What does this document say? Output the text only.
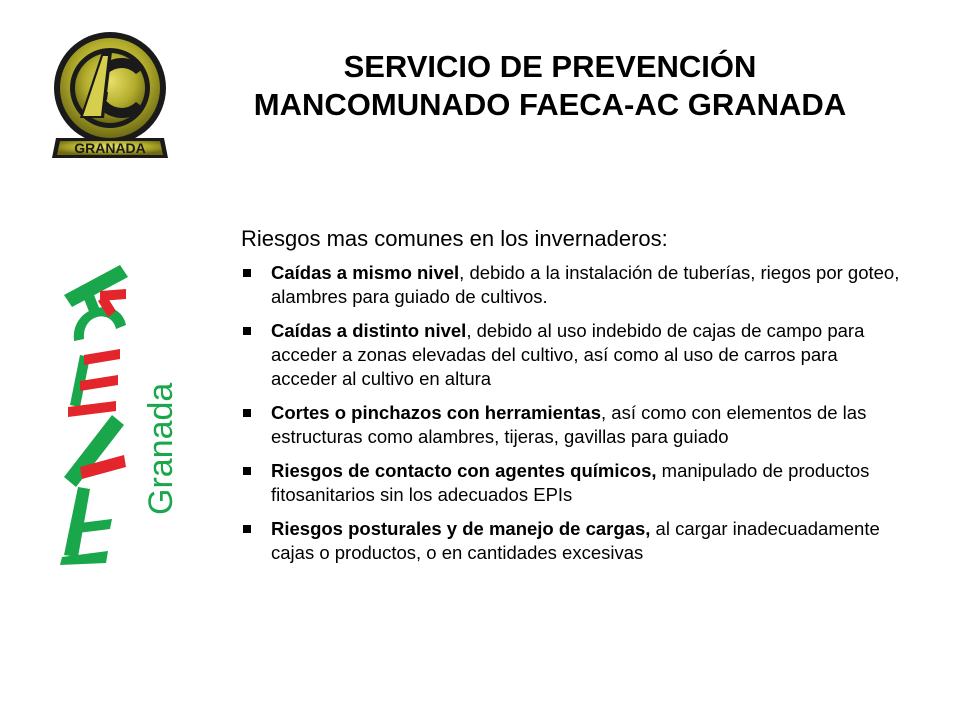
GRANADA
Granada
SERVICIO DE PREVENCIÓN
MANCOMUNADO FAECA-AC GRANADA
Riesgos mas comunes en los invernaderos:
Caídas a mismo nivel, debido a la instalación de tuberías, riegos por goteo, alambres para guiado de cultivos.
Caídas a distinto nivel, debido al uso indebido de cajas de campo para acceder a zonas elevadas del cultivo, así como al uso de carros para acceder al cultivo en altura
Cortes o pinchazos con herramientas, así como con elementos de las estructuras como alambres, tijeras, gavillas para guiado
Riesgos de contacto con agentes químicos, manipulado de productos fitosanitarios sin los adecuados EPIs
Riesgos posturales y de manejo de cargas, al cargar inadecuadamente cajas o productos, o en cantidades excesivas
